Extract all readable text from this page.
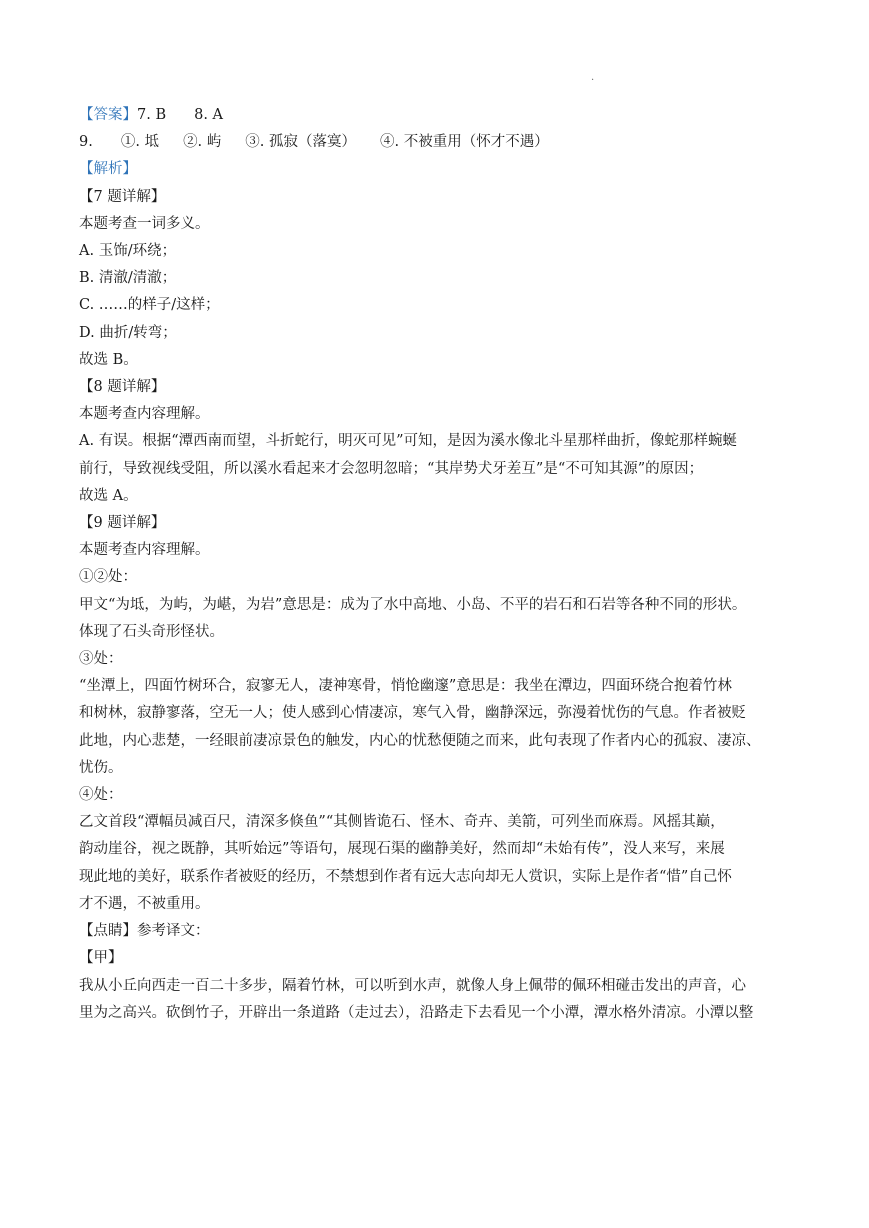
.
【答案】7. B 8. A
9. ①. 坻 ②. 屿 ③. 孤寂（落寞） ④. 不被重用（怀才不遇）
【解析】
【7 题详解】
本题考查一词多义。
A. 玉饰/环绕；
B. 清澈/清澈；
C. ……的样子/这样；
D. 曲折/转弯；
故选 B。
【8 题详解】
本题考查内容理解。
A. 有误。根据“潭西南而望，斗折蛇行，明灭可见”可知，是因为溪水像北斗星那样曲折，像蛇那样蜿蜒
前行，导致视线受阻，所以溪水看起来才会忽明忽暗；“其岸势犬牙差互”是“不可知其源”的原因；
故选 A。
【9 题详解】
本题考查内容理解。
①②处：
甲文“为坻，为屿，为嵁，为岩”意思是：成为了水中高地、小岛、不平的岩石和石岩等各种不同的形状。
体现了石头奇形怪状。
③处：
“坐潭上，四面竹树环合，寂寥无人，凄神寒骨，悄怆幽邃”意思是：我坐在潭边，四面环绕合抱着竹林
和树林，寂静寥落，空无一人；使人感到心情凄凉，寒气入骨，幽静深远，弥漫着忧伤的气息。作者被贬
此地，内心悲楚，一经眼前凄凉景色的触发，内心的忧愁便随之而来，此句表现了作者内心的孤寂、凄凉、
忧伤。
④处：
乙文首段“潭幅员减百尺，清深多倏鱼”“其侧皆诡石、怪木、奇卉、美箭，可列坐而庥焉。风摇其巅，
韵动崖谷，视之既静，其听始远”等语句，展现石渠的幽静美好，然而却“未始有传”，没人来写，来展
现此地的美好，联系作者被贬的经历，不禁想到作者有远大志向却无人赏识，实际上是作者“惜”自己怀
才不遇，不被重用。
【点睛】参考译文：
【甲】
我从小丘向西走一百二十多步，隔着竹林，可以听到水声，就像人身上佩带的佩环相碰击发出的声音，心
里为之高兴。砍倒竹子，开辟出一条道路（走过去），沿路走下去看见一个小潭，潭水格外清凉。小潭以整
